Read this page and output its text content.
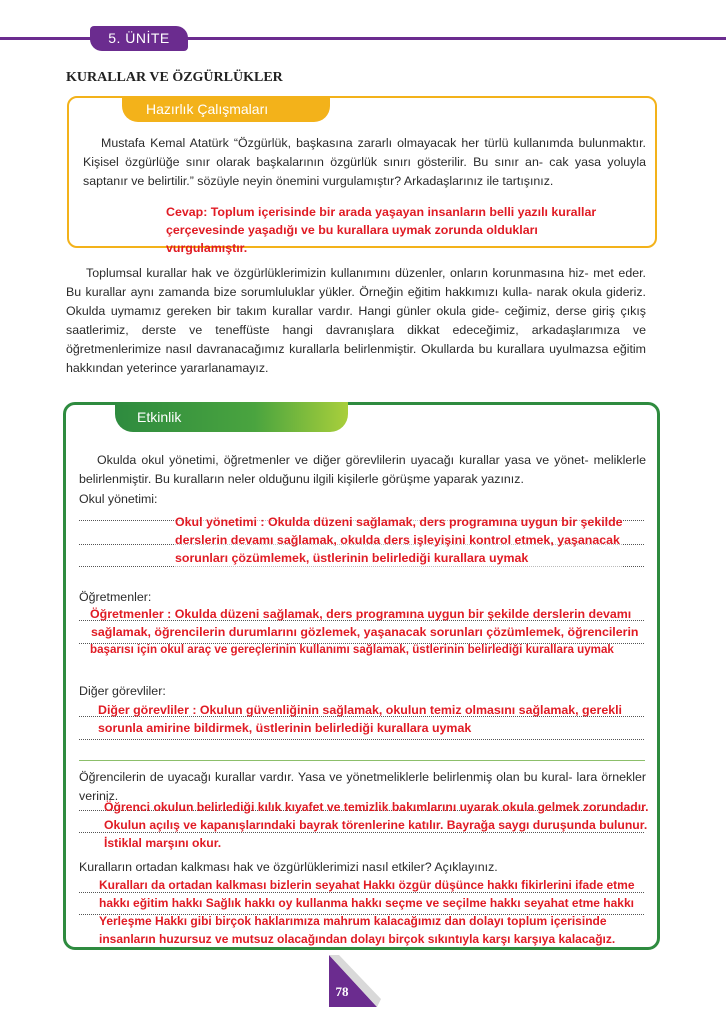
5. ÜNİTE
KURALLAR VE ÖZGÜRLÜKLER
Hazırlık Çalışmaları
Mustafa Kemal Atatürk “Özgürlük, başkasına zararlı olmayacak her türlü kullanımda bulunmaktır. Kişisel özgürlüğe sınır olarak başkalarının özgürlük sınırı gösterilir. Bu sınır an- cak yasa yoluyla saptanır ve belirtilir.” sözüyle neyin önemini vurgulamıştır? Arkadaşlarınız ile tartışınız.
Cevap: Toplum içerisinde bir arada yaşayan insanların belli yazılı kurallar
çerçevesinde yaşadığı ve bu kurallara uymak zorunda oldukları
vurgulamıştır.
Toplumsal kurallar hak ve özgürlüklerimizin kullanımını düzenler, onların korunmasına hiz- met eder. Bu kurallar aynı zamanda bize sorumluluklar yükler. Örneğin eğitim hakkımızı kulla- narak okula gideriz. Okulda uymamız gereken bir takım kurallar vardır. Hangi günler okula gide- ceğimiz, derse giriş çıkış saatlerimiz, derste ve teneffüste hangi davranışlara dikkat edeceğimiz, arkadaşlarımıza ve öğretmenlerimize nasıl davranacağımız kurallarla belirlenmiştir. Okullarda bu kurallara uyulmazsa eğitim hakkından yeterince yararlanamayız.
Etkinlik
Okulda okul yönetimi, öğretmenler ve diğer görevlilerin uyacağı kurallar yasa ve yönet- meliklerle belirlenmiştir. Bu kuralların neler olduğunu ilgili kişilerle görüşme yaparak yazınız.
Okul yönetimi:
Okul yönetimi : Okulda düzeni sağlamak, ders programına uygun bir şekilde
derslerin devamı sağlamak, okulda ders işleyişini kontrol etmek, yaşanacak
sorunları çözümlemek, üstlerinin belirlediği kurallara uymak
Öğretmenler:
Öğretmenler : Okulda düzeni sağlamak, ders programına uygun bir şekilde derslerin devamı
sağlamak, öğrencilerin durumlarını gözlemek, yaşanacak sorunları çözümlemek, öğrencilerin
başarısı için okul araç ve gereçlerinin kullanımı sağlamak, üstlerinin belirlediği kurallara uymak
Diğer görevliler:
Diğer görevliler : Okulun güvenliğinin sağlamak, okulun temiz olmasını sağlamak, gerekli
sorunla amirine bildirmek, üstlerinin belirlediği kurallara uymak
Öğrencilerin de uyacağı kurallar vardır. Yasa ve yönetmeliklerle belirlenmiş olan bu kural- lara örnekler veriniz.
Öğrenci okulun belirlediği kılık kıyafet ve temizlik bakımlarını uyarak okula gelmek zorundadır.
Okulun açılış ve kapanışlarındaki bayrak törenlerine katılır. Bayrağa saygı duruşunda bulunur.
İstiklal marşını okur.
Kuralların ortadan kalkması hak ve özgürlüklerimizi nasıl etkiler? Açıklayınız.
Kuralları da ortadan kalkması bizlerin seyahat Hakkı özgür düşünce hakkı fikirlerini ifade etme
hakkı eğitim hakkı Sağlık hakkı oy kullanma hakkı seçme ve seçilme hakkı seyahat etme hakkı
Yerleşme Hakkı gibi birçok haklarımıza mahrum kalacağımız dan dolayı toplum içerisinde
insanların huzursuz ve mutsuz olacağından dolayı birçok sıkıntıyla karşı karşıya kalacağız.
78
